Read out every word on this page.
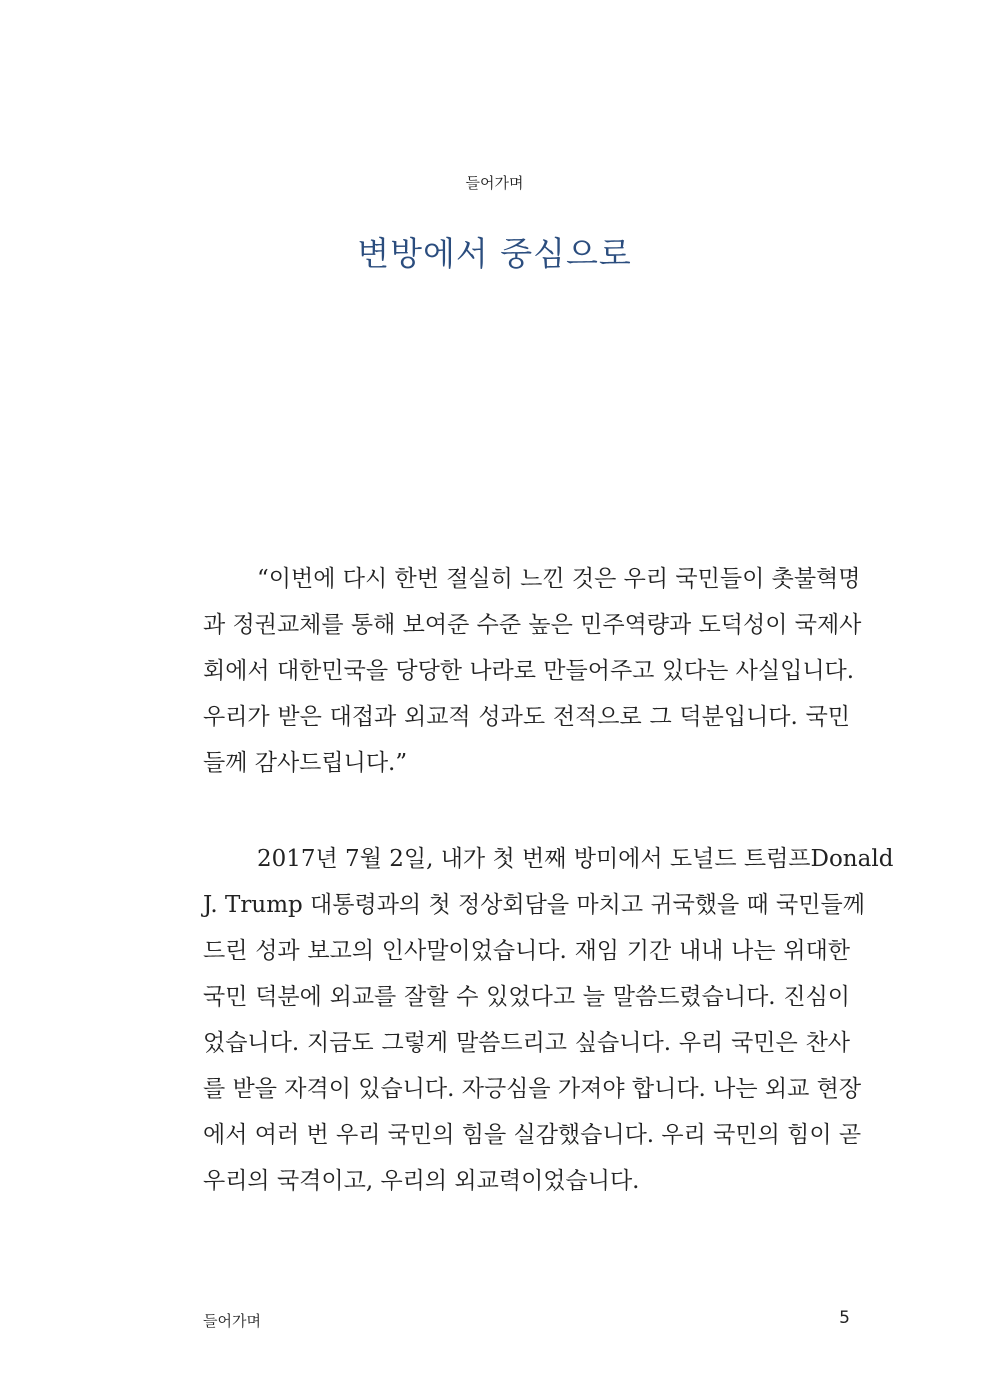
들어가며
변방에서 중심으로
“이번에 다시 한번 절실히 느낀 것은 우리 국민들이 촛불혁명
과 정권교체를 통해 보여준 수준 높은 민주역량과 도덕성이 국제사
회에서 대한민국을 당당한 나라로 만들어주고 있다는 사실입니다.
우리가 받은 대접과 외교적 성과도 전적으로 그 덕분입니다. 국민
들께 감사드립니다.”
2017년 7월 2일, 내가 첫 번째 방미에서 도널드 트럼프Donald
J. Trump 대통령과의 첫 정상회담을 마치고 귀국했을 때 국민들께
드린 성과 보고의 인사말이었습니다. 재임 기간 내내 나는 위대한
국민 덕분에 외교를 잘할 수 있었다고 늘 말씀드렸습니다. 진심이
었습니다. 지금도 그렇게 말씀드리고 싶습니다. 우리 국민은 찬사
를 받을 자격이 있습니다. 자긍심을 가져야 합니다. 나는 외교 현장
에서 여러 번 우리 국민의 힘을 실감했습니다. 우리 국민의 힘이 곧
우리의 국격이고, 우리의 외교력이었습니다.
들어가며	5
